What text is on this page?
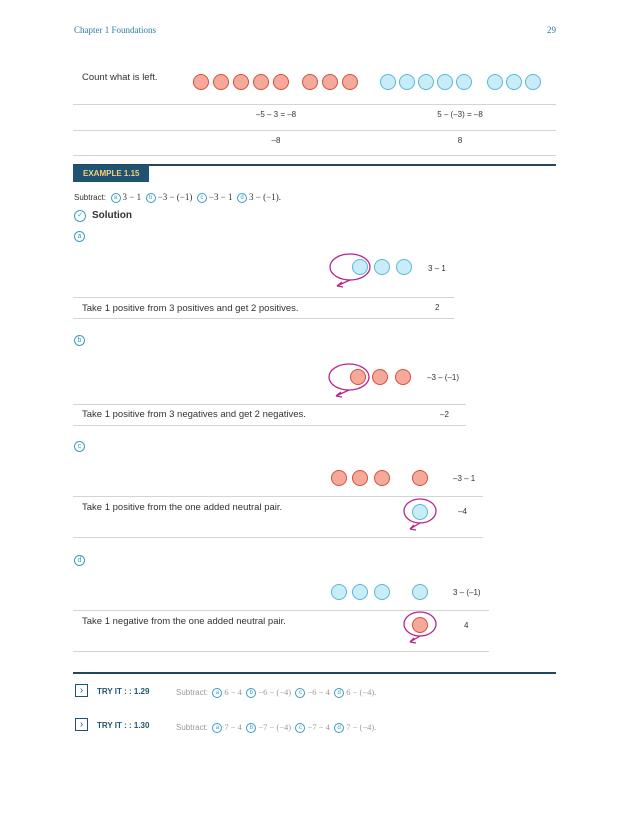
Chapter 1 Foundations	29
Count what is left.
–5 – 3 = –8	5 – (–3) = –8
–8	8
EXAMPLE 1.15
Subtract: a 3 − 1 b −3 − (−1) c −3 − 1 d 3 − (−1).
✓ Solution
a
3 – 1
Take 1 positive from 3 positives and get 2 positives.	2
b
–3 – (–1)
Take 1 positive from 3 negatives and get 2 negatives.	–2
c
–3 – 1
Take 1 positive from the one added neutral pair.	–4
d
3 – (–1)
Take 1 negative from the one added neutral pair.	4
›	TRY IT : : 1.29	Subtract: a 6 − 4 b −6 − (−4) c −6 − 4 d 6 − (−4).
›	TRY IT : : 1.30	Subtract: a 7 − 4 b −7 − (−4) c −7 − 4 d 7 − (−4).
